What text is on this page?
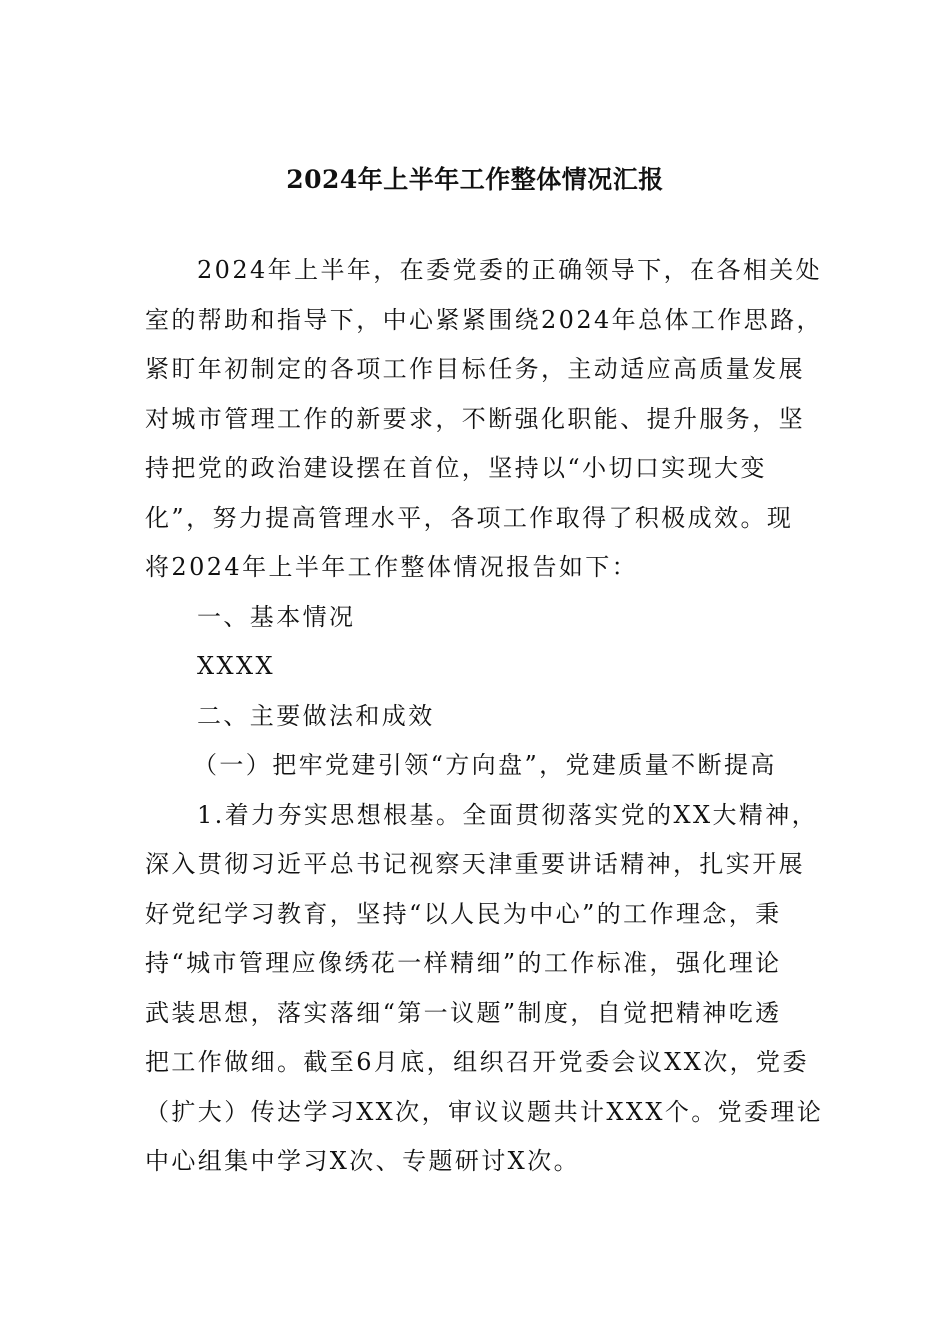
2024年上半年工作整体情况汇报
2024年上半年，在委党委的正确领导下，在各相关处
室的帮助和指导下，中心紧紧围绕2024年总体工作思路，
紧盯年初制定的各项工作目标任务，主动适应高质量发展
对城市管理工作的新要求，不断强化职能、提升服务，坚
持把党的政治建设摆在首位，坚持以“小切口实现大变
化”，努力提高管理水平，各项工作取得了积极成效。现
将2024年上半年工作整体情况报告如下：

一、基本情况

XXXX

二、主要做法和成效

（一）把牢党建引领“方向盘”，党建质量不断提高

1.着力夯实思想根基。全面贯彻落实党的XX大精神，
深入贯彻习近平总书记视察天津重要讲话精神，扎实开展
好党纪学习教育，坚持“以人民为中心”的工作理念，秉
持“城市管理应像绣花一样精细”的工作标准，强化理论
武装思想，落实落细“第一议题”制度，自觉把精神吃透
把工作做细。截至6月底，组织召开党委会议XX次，党委
（扩大）传达学习XX次，审议议题共计XXX个。党委理论
中心组集中学习X次、专题研讨X次。
